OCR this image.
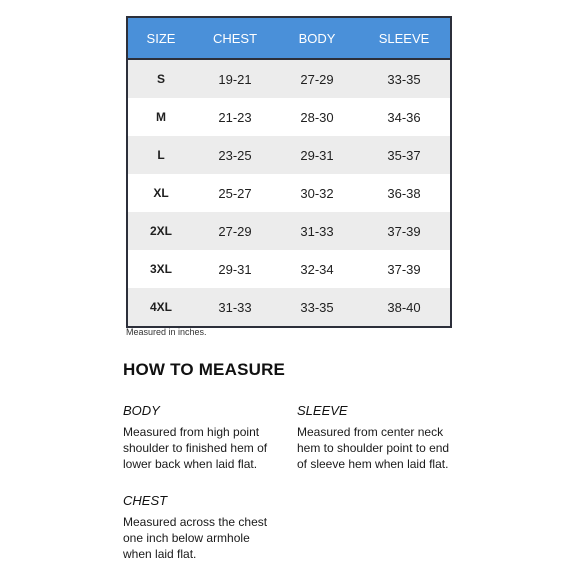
SIZE	CHEST	BODY	SLEEVE
S	19-21	27-29	33-35
M	21-23	28-30	34-36
L	23-25	29-31	35-37
XL	25-27	30-32	36-38
2XL	27-29	31-33	37-39
3XL	29-31	32-34	37-39
4XL	31-33	33-35	38-40
Measured in inches.
HOW TO MEASURE
BODY
Measured from high point
shoulder to finished hem of
lower back when laid flat.
SLEEVE
Measured from center neck
hem to shoulder point to end
of sleeve hem when laid flat.
CHEST
Measured across the chest
one inch below armhole
when laid flat.
